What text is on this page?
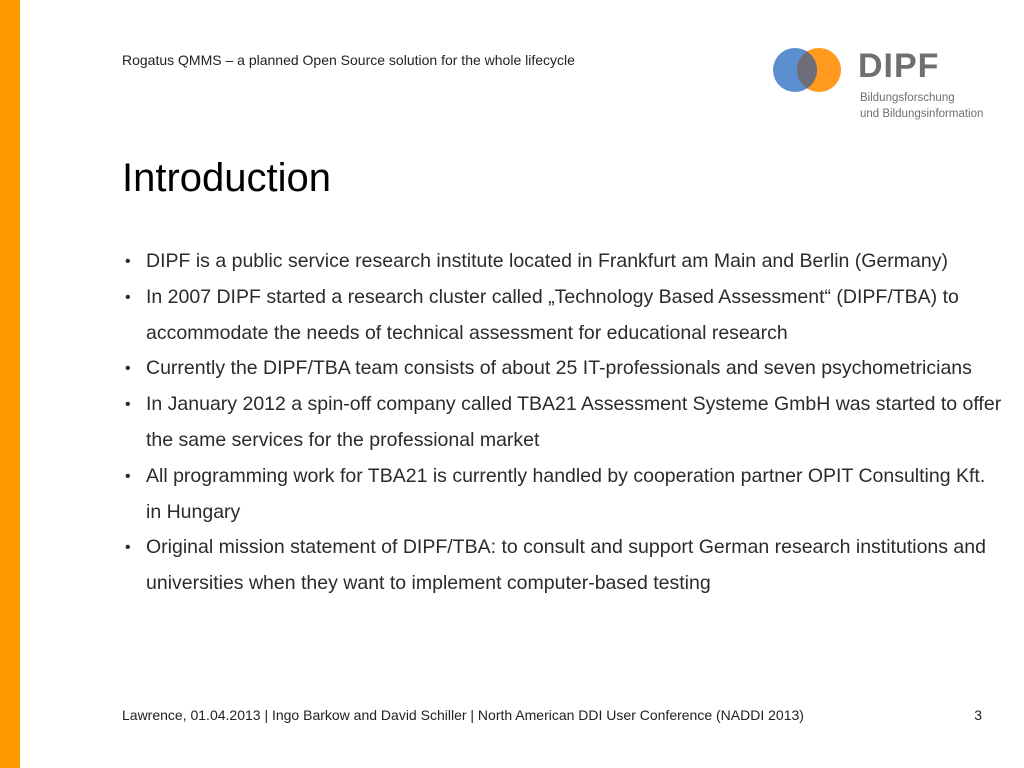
Rogatus QMMS – a planned Open Source solution for the whole lifecycle	DIPF
Bildungsforschung
und Bildungsinformation
Introduction
• DIPF is a public service research institute located in Frankfurt am Main and Berlin (Germany)
• In 2007 DIPF started a research cluster called „Technology Based Assessment“ (DIPF/TBA) to accommodate the needs of technical assessment for educational research
• Currently the DIPF/TBA team consists of about 25 IT-professionals and seven psychometricians
• In January 2012 a spin-off company called TBA21 Assessment Systeme GmbH was started to offer the same services for the professional market
• All programming work for TBA21 is currently handled by cooperation partner OPIT Consulting Kft. in Hungary
• Original mission statement of DIPF/TBA: to consult and support German research institutions and universities when they want to implement computer-based testing
Lawrence, 01.04.2013 | Ingo Barkow and David Schiller | North American DDI User Conference (NADDI 2013)	3
